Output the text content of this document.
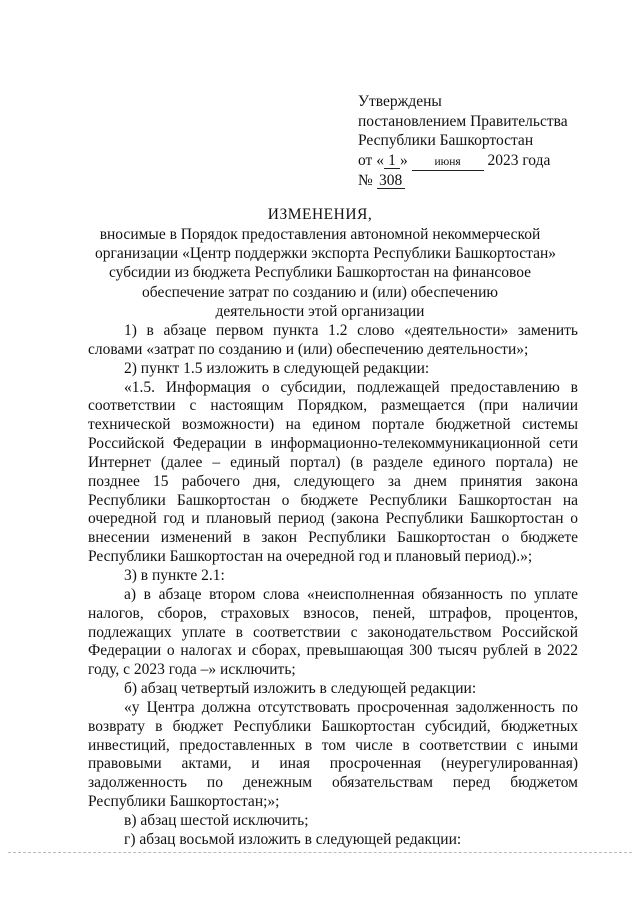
Утверждены
постановлением Правительства
Республики Башкортостан
от « 1 » июня 2023 года
№ 308
ИЗМЕНЕНИЯ,
вносимые в Порядок предоставления автономной некоммерческой
организации «Центр поддержки экспорта Республики Башкортостан»
субсидии из бюджета Республики Башкортостан на финансовое
обеспечение затрат по созданию и (или) обеспечению
деятельности этой организации

1) в абзаце первом пункта 1.2 слово «деятельности» заменить словами «затрат по созданию и (или) обеспечению деятельности»;

2) пункт 1.5 изложить в следующей редакции:

«1.5. Информация о субсидии, подлежащей предоставлению в соответствии с настоящим Порядком, размещается (при наличии технической возможности) на едином портале бюджетной системы Российской Федерации в информационно-телекоммуникационной сети Интернет (далее – единый портал) (в разделе единого портала) не позднее 15 рабочего дня, следующего за днем принятия закона Республики Башкортостан о бюджете Республики Башкортостан на очередной год и плановый период (закона Республики Башкортостан о внесении изменений в закон Республики Башкортостан о бюджете Республики Башкортостан на очередной год и плановый период).»;

3) в пункте 2.1:

а) в абзаце втором слова «неисполненная обязанность по уплате налогов, сборов, страховых взносов, пеней, штрафов, процентов, подлежащих уплате в соответствии с законодательством Российской Федерации о налогах и сборах, превышающая 300 тысяч рублей в 2022 году, с 2023 года –» исключить;

б) абзац четвертый изложить в следующей редакции:

«у Центра должна отсутствовать просроченная задолженность по возврату в бюджет Республики Башкортостан субсидий, бюджетных инвестиций, предоставленных в том числе в соответствии с иными правовыми актами, и иная просроченная (неурегулированная) задолженность по денежным обязательствам перед бюджетом Республики Башкортостан;»;

в) абзац шестой исключить;

г) абзац восьмой изложить в следующей редакции:
